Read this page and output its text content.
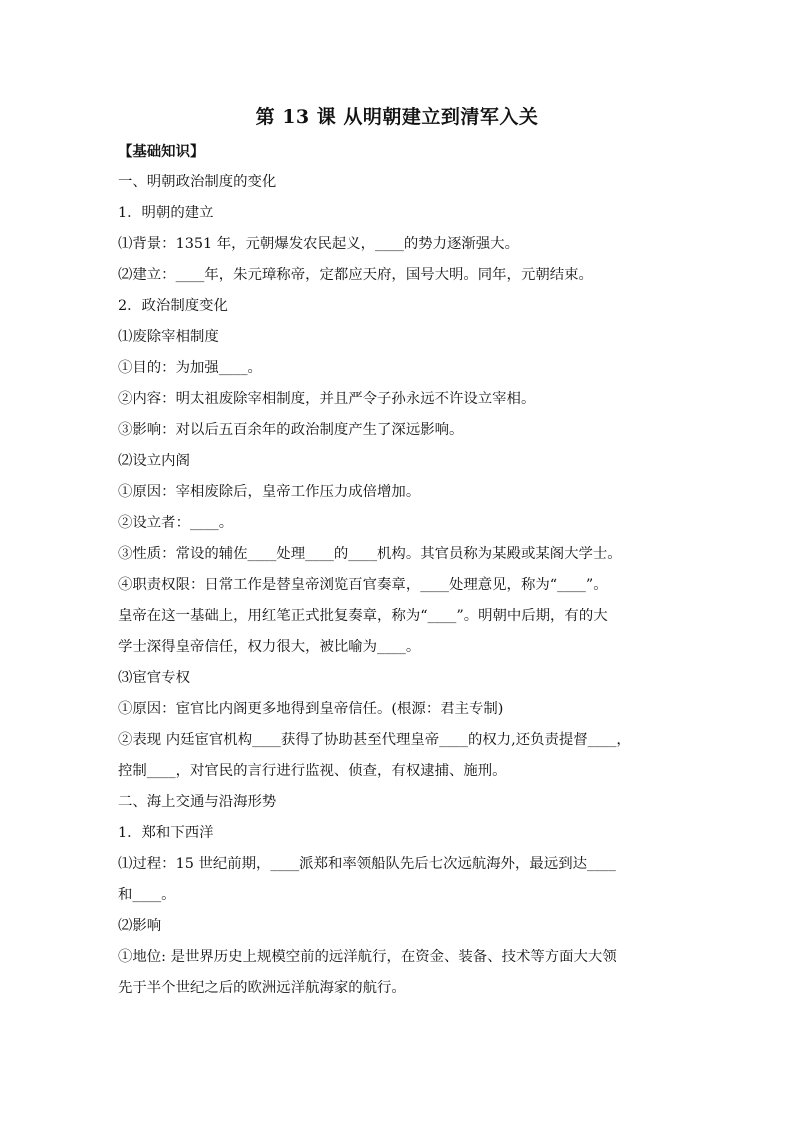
第 13 课 从明朝建立到清军入关
【基础知识】
一、明朝政治制度的变化
1．明朝的建立
⑴背景：1351 年，元朝爆发农民起义，____的势力逐渐强大。
⑵建立：____年，朱元璋称帝，定都应天府，国号大明。同年，元朝结束。
2．政治制度变化
⑴废除宰相制度
①目的：为加强____。
②内容：明太祖废除宰相制度，并且严令子孙永远不许设立宰相。
③影响：对以后五百余年的政治制度产生了深远影响。
⑵设立内阁
①原因：宰相废除后，皇帝工作压力成倍增加。
②设立者：____。
③性质：常设的辅佐____处理____的____机构。其官员称为某殿或某阁大学士。
④职责权限：日常工作是替皇帝浏览百官奏章，____处理意见，称为“____”。
皇帝在这一基础上，用红笔正式批复奏章，称为“____”。明朝中后期，有的大
学士深得皇帝信任，权力很大，被比喻为____。
⑶宦官专权
①原因：宦官比内阁更多地得到皇帝信任。(根源：君主专制)
②表现 内廷宦官机构____获得了协助甚至代理皇帝____的权力,还负责提督____，
控制____，对官民的言行进行监视、侦查，有权逮捕、施刑。
二、海上交通与沿海形势
1．郑和下西洋
⑴过程：15 世纪前期，____派郑和率领船队先后七次远航海外，最远到达____
和____。
⑵影响
①地位: 是世界历史上规模空前的远洋航行，在资金、装备、技术等方面大大领
先于半个世纪之后的欧洲远洋航海家的航行。
